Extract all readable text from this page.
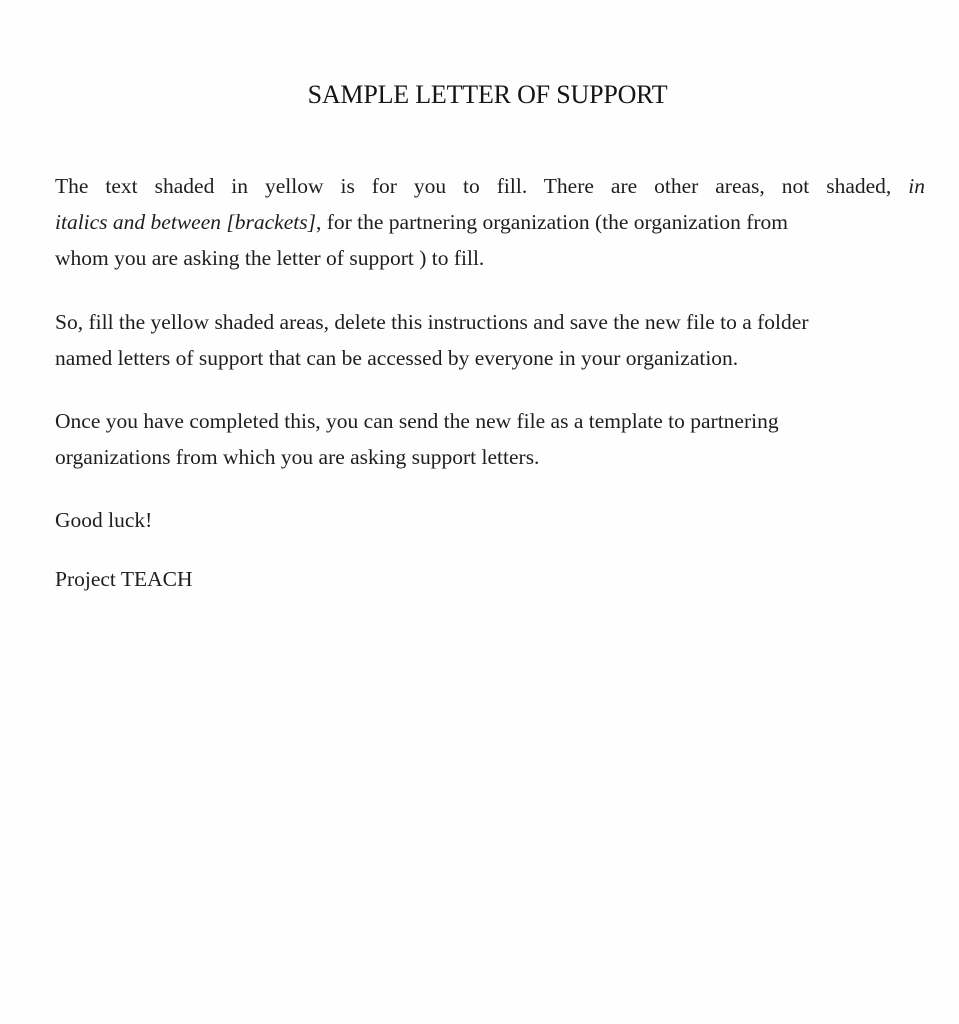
SAMPLE LETTER OF SUPPORT
The text shaded in yellow is for you to fill. There are other areas, not shaded, in
italics and between [brackets], for the partnering organization (the organization from
whom you are asking the letter of support ) to fill.
So, fill the yellow shaded areas, delete this instructions and save the new file to a folder
named letters of support that can be accessed by everyone in your organization.
Once you have completed this, you can send the new file as a template to partnering
organizations from which you are asking support letters.
Good luck!
Project TEACH
